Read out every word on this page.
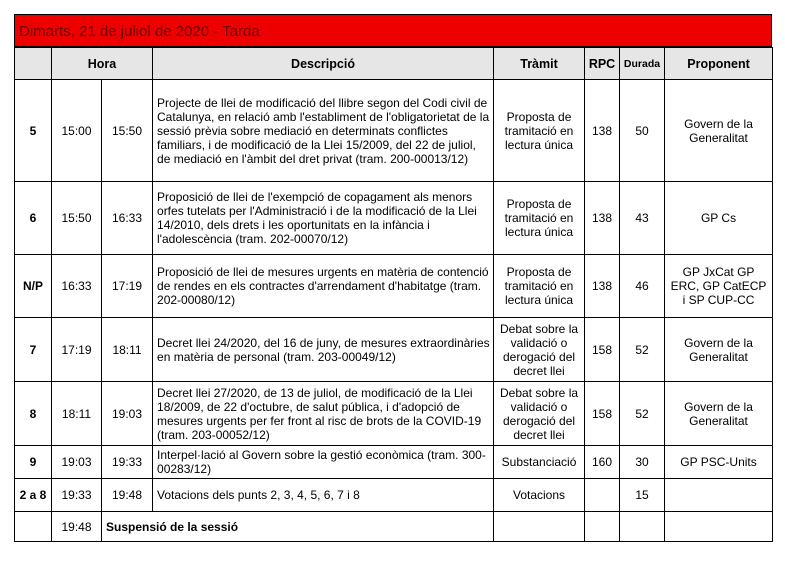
Dimarts, 21 de juliol de 2020 - Tarda
	Hora		Descripció	Tràmit	RPC	Durada	Proponent
5	15:00	15:50	Projecte de llei de modificació del llibre segon del Codi civil de Catalunya, en relació amb l'establiment de l'obligatorietat de la sessió prèvia sobre mediació en determinats conflictes familiars, i de modificació de la Llei 15/2009, del 22 de juliol, de mediació en l'àmbit del dret privat (tram. 200-00013/12)	Proposta de tramitació en lectura única	138	50	Govern de la Generalitat
6	15:50	16:33	Proposició de llei de l'exempció de copagament als menors orfes tutelats per l'Administració i de la modificació de la Llei 14/2010, dels drets i les oportunitats en la infància i l'adolescència (tram. 202-00070/12)	Proposta de tramitació en lectura única	138	43	GP Cs
N/P	16:33	17:19	Proposició de llei de mesures urgents en matèria de contenció de rendes en els contractes d'arrendament d'habitatge (tram. 202-00080/12)	Proposta de tramitació en lectura única	138	46	GP JxCat GP ERC, GP CatECP i SP CUP-CC
7	17:19	18:11	Decret llei 24/2020, del 16 de juny, de mesures extraordinàries en matèria de personal (tram. 203-00049/12)	Debat sobre la validació o derogació del decret llei	158	52	Govern de la Generalitat
8	18:11	19:03	Decret llei 27/2020, de 13 de juliol, de modificació de la Llei 18/2009, de 22 d'octubre, de salut pública, i d'adopció de mesures urgents per fer front al risc de brots de la COVID-19 (tram. 203-00052/12)	Debat sobre la validació o derogació del decret llei	158	52	Govern de la Generalitat
9	19:03	19:33	Interpel·lació al Govern sobre la gestió econòmica (tram. 300-00283/12)	Substanciació	160	30	GP PSC-Units
2 a 8	19:33	19:48	Votacions dels punts 2, 3, 4, 5, 6, 7 i 8	Votacions		15	
	19:48	Suspensió de la sessió					
